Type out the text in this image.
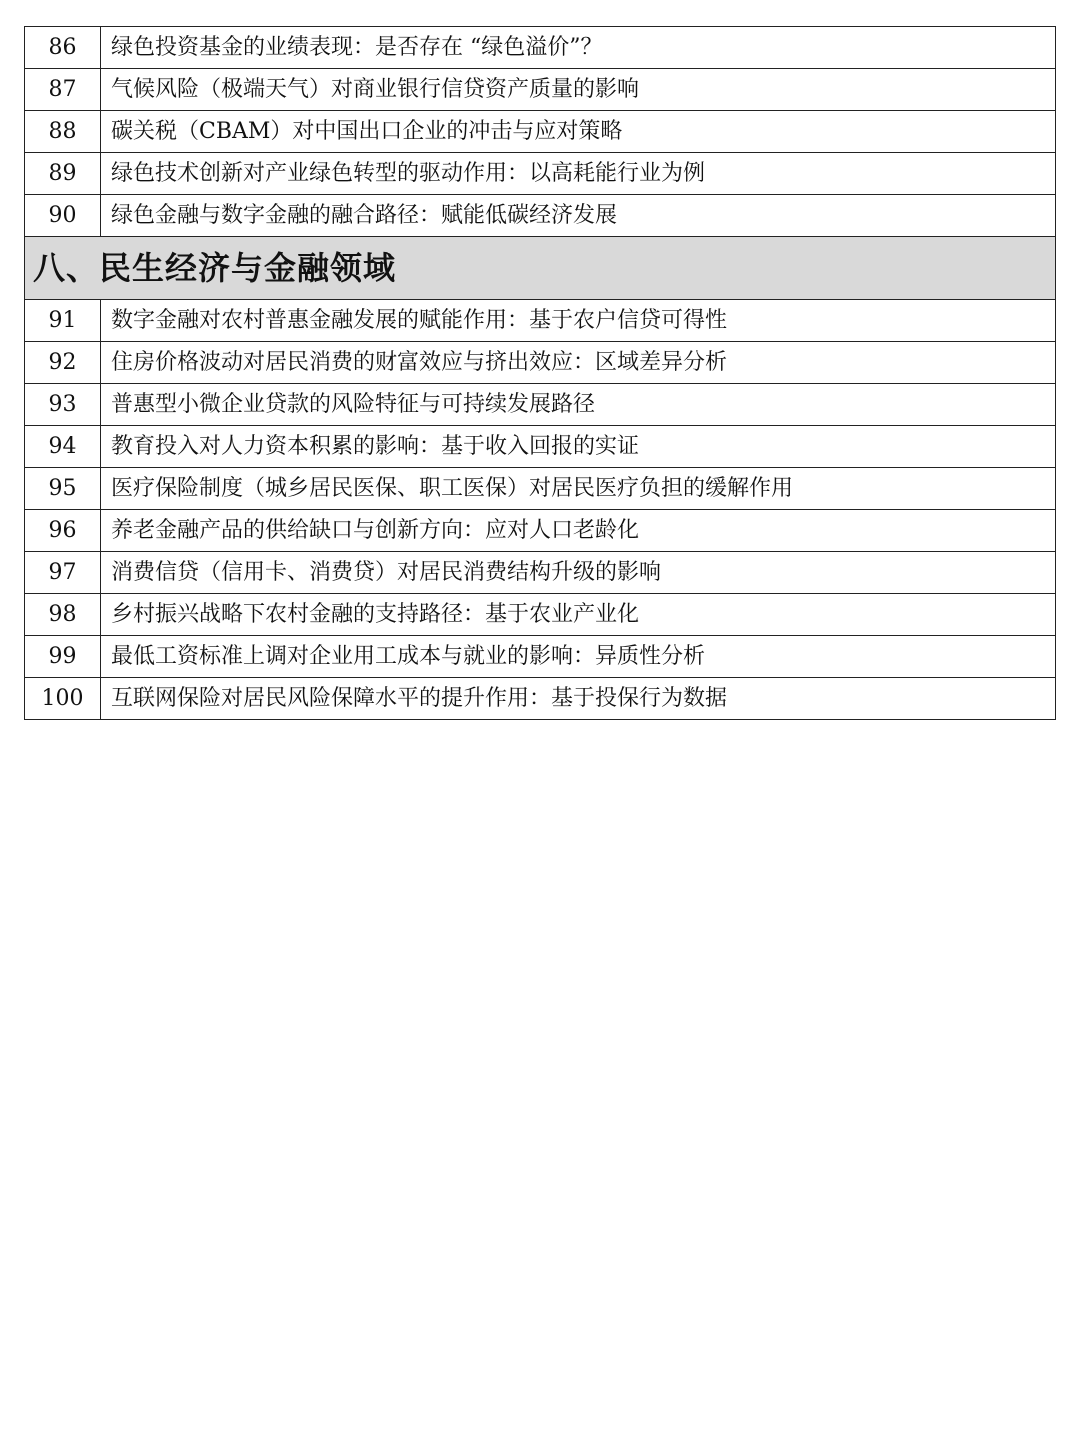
86	绿色投资基金的业绩表现：是否存在 “绿色溢价”？
87	气候风险（极端天气）对商业银行信贷资产质量的影响
88	碳关税（CBAM）对中国出口企业的冲击与应对策略
89	绿色技术创新对产业绿色转型的驱动作用：以高耗能行业为例
90	绿色金融与数字金融的融合路径：赋能低碳经济发展
八、民生经济与金融领域	
91	数字金融对农村普惠金融发展的赋能作用：基于农户信贷可得性
92	住房价格波动对居民消费的财富效应与挤出效应：区域差异分析
93	普惠型小微企业贷款的风险特征与可持续发展路径
94	教育投入对人力资本积累的影响：基于收入回报的实证
95	医疗保险制度（城乡居民医保、职工医保）对居民医疗负担的缓解作用
96	养老金融产品的供给缺口与创新方向：应对人口老龄化
97	消费信贷（信用卡、消费贷）对居民消费结构升级的影响
98	乡村振兴战略下农村金融的支持路径：基于农业产业化
99	最低工资标准上调对企业用工成本与就业的影响：异质性分析
100	互联网保险对居民风险保障水平的提升作用：基于投保行为数据
